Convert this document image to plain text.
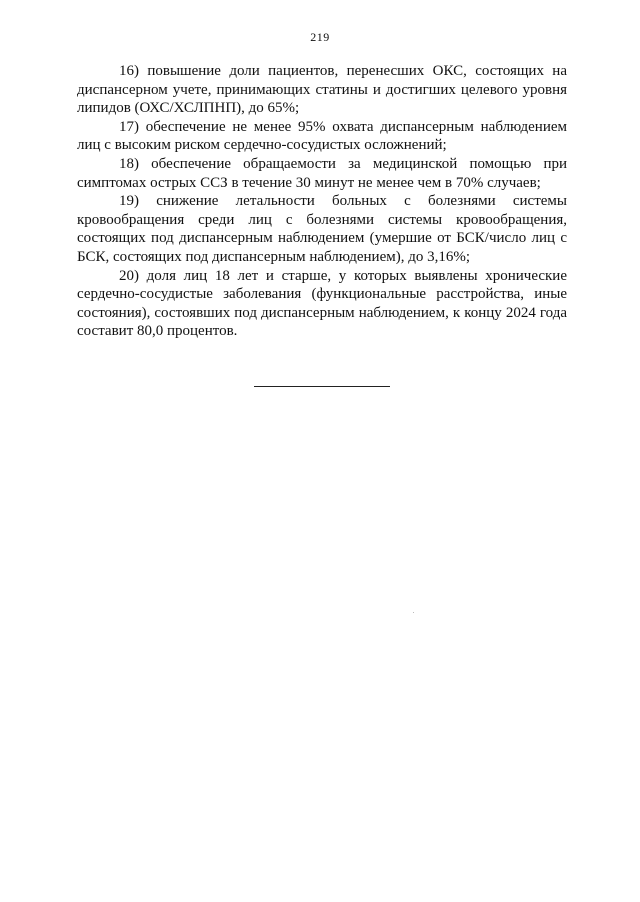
219

16) повышение доли пациентов, перенесших ОКС, состоящих на диспансерном учете, принимающих статины и достигших целевого уровня липидов (ОХС/ХСЛПНП), до 65%;

17) обеспечение не менее 95% охвата диспансерным наблюдением лиц с высоким риском сердечно-сосудистых осложнений;

18) обеспечение обращаемости за медицинской помощью при симптомах острых ССЗ в течение 30 минут не менее чем в 70% случаев;

19) снижение летальности больных с болезнями системы кровообращения среди лиц с болезнями системы кровообращения, состоящих под диспансерным наблюдением (умершие от БСК/число лиц с БСК, состоящих под диспансерным наблюдением), до 3,16%;

20) доля лиц 18 лет и старше, у которых выявлены хронические сердечно-сосудистые заболевания (функциональные расстройства, иные состояния), состоявших под диспансерным наблюдением, к концу 2024 года составит 80,0 процентов.
